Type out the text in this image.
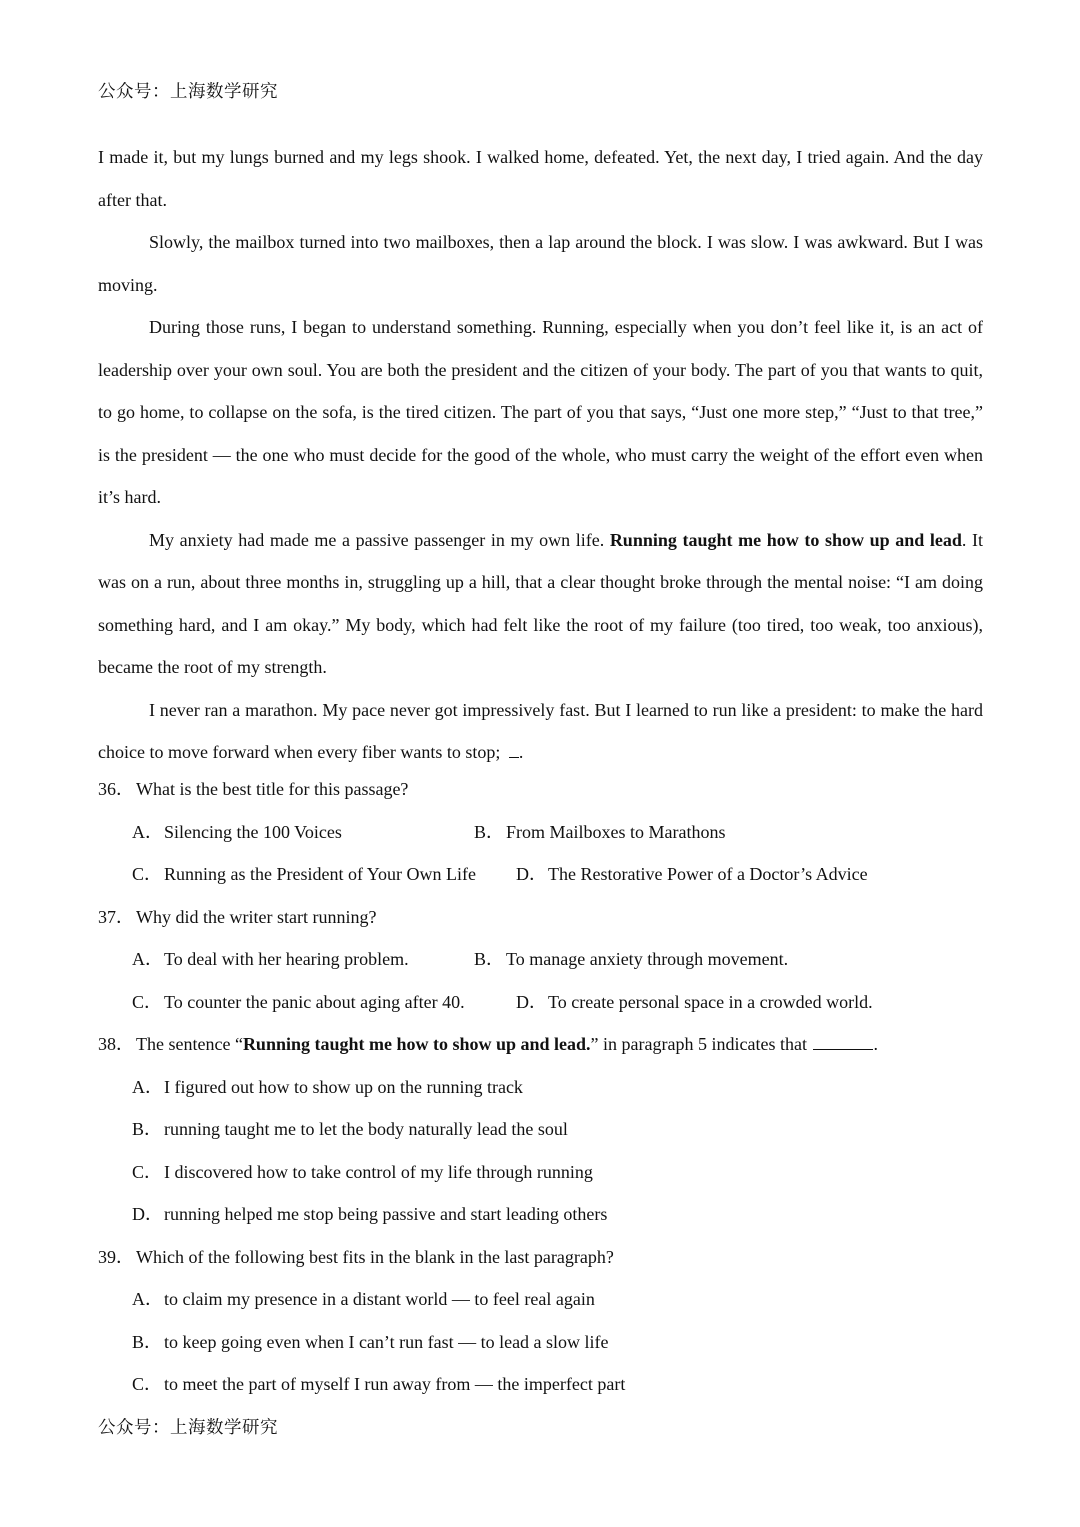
公众号：上海数学研究

I made it, but my lungs burned and my legs shook. I walked home, defeated. Yet, the next day, I tried again. And the day after that.

Slowly, the mailbox turned into two mailboxes, then a lap around the block. I was slow. I was awkward. But I was moving.

During those runs, I began to understand something. Running, especially when you don’t feel like it, is an act of leadership over your own soul. You are both the president and the citizen of your body. The part of you that wants to quit, to go home, to collapse on the sofa, is the tired citizen. The part of you that says, “Just one more step,” “Just to that tree,” is the president — the one who must decide for the good of the whole, who must carry the weight of the effort even when it’s hard.

My anxiety had made me a passive passenger in my own life. Running taught me how to show up and lead. It was on a run, about three months in, struggling up a hill, that a clear thought broke through the mental noise: “I am doing something hard, and I am okay.” My body, which had felt like the root of my failure (too tired, too weak, too anxious), became the root of my strength.

I never ran a marathon. My pace never got impressively fast. But I learned to run like a president: to make the hard choice to move forward when every fiber wants to stop; .

36． What is the best title for this passage?
A．Silencing the 100 Voices	B． From Mailboxes to Marathons
C． Running as the President of Your Own Life	D．The Restorative Power of a Doctor’s Advice
37． Why did the writer start running?
A．To deal with her hearing problem.	B． To manage anxiety through movement.
C． To counter the panic about aging after 40.	D．To create personal space in a crowded world.
38． The sentence “Running taught me how to show up and lead.” in paragraph 5 indicates that	.
A．I figured out how to show up on the running track
B． running taught me to let the body naturally lead the soul
C． I discovered how to take control of my life through running
D．running helped me stop being passive and start leading others
39． Which of the following best fits in the blank in the last paragraph?
A．to claim my presence in a distant world — to feel real again
B． to keep going even when I can’t run fast — to lead a slow life
C． to meet the part of myself I run away from — the imperfect part
公众号：上海数学研究
